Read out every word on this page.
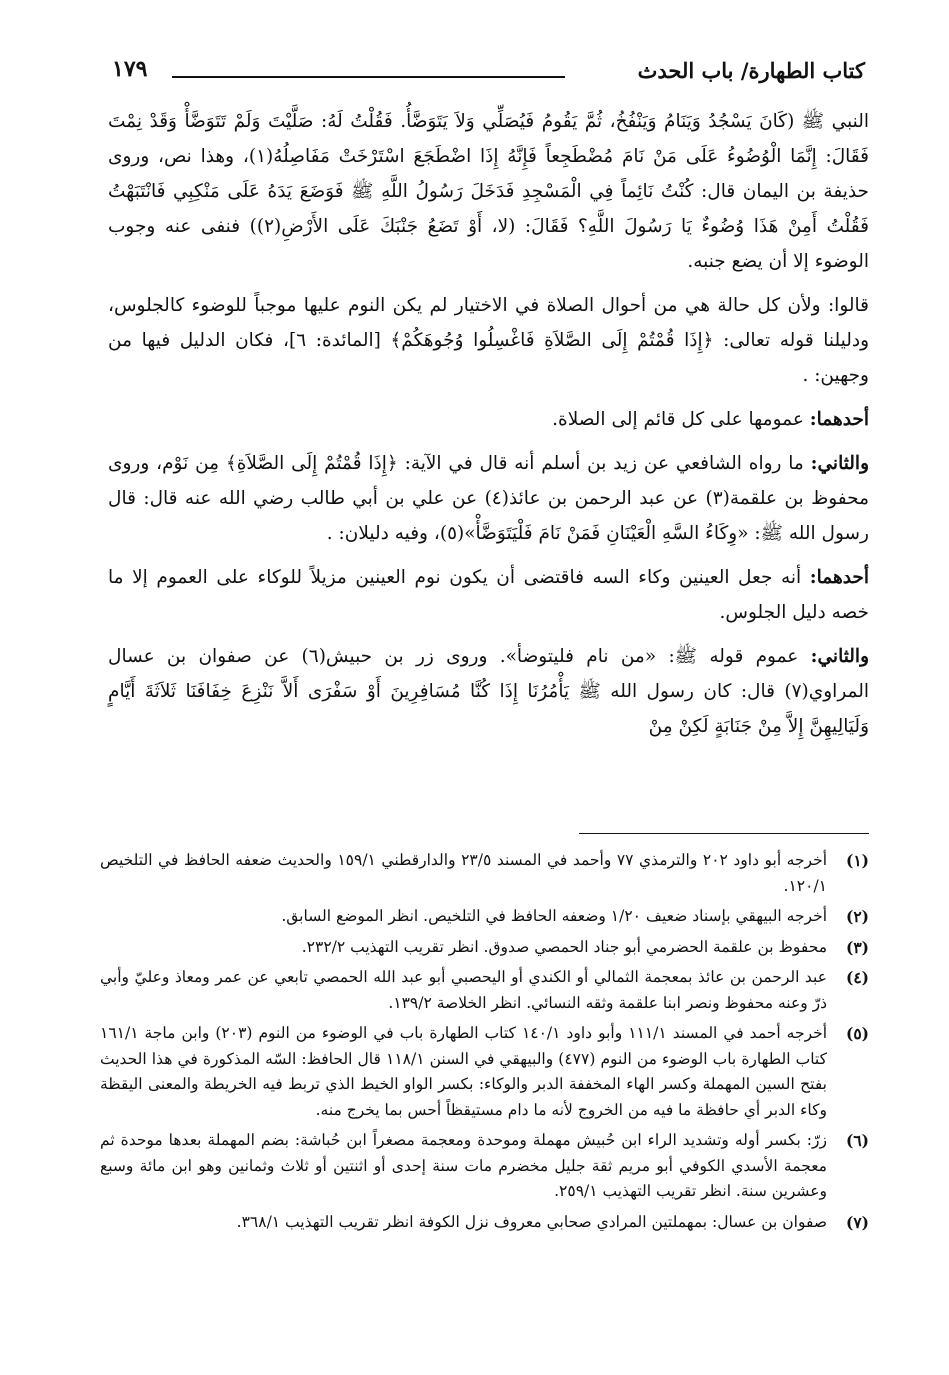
كتاب الطهارة/ باب الحدث
١٧٩

النبي ﷺ (كَانَ يَسْجُدُ وَيَنَامُ وَيَنْفُخُ، ثُمَّ يَقُومُ فَيُصَلِّي وَلاَ يَتَوَضَّأُ. فَقُلْتُ لَهُ: صَلَّيْتَ وَلَمْ تَتَوَضَّأْ وَقَدْ نِمْتَ فَقَالَ: إِنَّمَا الْوُضُوءُ عَلَى مَنْ نَامَ مُضْطَجِعاً فَإِنَّهُ إِذَا اضْطَجَعَ اسْتَرْخَتْ مَفَاصِلُهُ(١)، وهذا نص، وروى حذيفة بن اليمان قال: كُنْتُ نَائِماً فِي الْمَسْجِدِ فَدَخَلَ رَسُولُ اللَّهِ ﷺ فَوَضَعَ يَدَهُ عَلَى مَنْكِبِي فَانْتَبَهْتُ فَقُلْتُ أَمِنْ هَذَا وُضُوءٌ يَا رَسُولَ اللَّهِ؟ فَقَالَ: (لا، أَوْ تَضَعُ جَنْبَكَ عَلَى الأَرْضِ(٢)) فنفى عنه وجوب الوضوء إلا أن يضع جنبه.

قالوا: ولأن كل حالة هي من أحوال الصلاة في الاختيار لم يكن النوم عليها موجباً للوضوء كالجلوس، ودليلنا قوله تعالى: ﴿إِذَا قُمْتُمْ إِلَى الصَّلاَةِ فَاغْسِلُوا وُجُوهَكُمْ﴾ [المائدة: ٦]، فكان الدليل فيها من وجهين: .

أحدهما: عمومها على كل قائم إلى الصلاة.

والثاني: ما رواه الشافعي عن زيد بن أسلم أنه قال في الآية: ﴿إِذَا قُمْتُمْ إِلَى الصَّلاَةِ﴾ مِن نَوْم، وروى محفوظ بن علقمة(٣) عن عبد الرحمن بن عائذ(٤) عن علي بن أبي طالب رضي الله عنه قال: قال رسول الله ﷺ: «وِكَاءُ السَّهِ الْعَيْنَانِ فَمَنْ نَامَ فَلْيَتَوَضَّأْ»(٥)، وفيه دليلان: .

أحدهما: أنه جعل العينين وكاء السه فاقتضى أن يكون نوم العينين مزيلاً للوكاء على العموم إلا ما خصه دليل الجلوس.

والثاني: عموم قوله ﷺ: «من نام فليتوضأ». وروى زر بن حبيش(٦) عن صفوان بن عسال المراوي(٧) قال: كان رسول الله ﷺ يَأْمُرُنَا إِذَا كُنَّا مُسَافِرِينَ أَوْ سَفْرَى أَلاَّ نَنْزِعَ خِفَافَنَا ثَلاَثَةَ أَيَّامٍ وَلَيَالِيهِنَّ إِلاَّ مِنْ جَنَابَةٍ لَكِنْ مِنْ

(١)
أخرجه أبو داود ٢٠٢ والترمذي ٧٧ وأحمد في المسند ٢٣/٥ والدارقطني ١٥٩/١ والحديث ضعفه الحافظ في التلخيص ١٢٠/١.
(٢)
أخرجه البيهقي بإسناد ضعيف ١/٢٠ وضعفه الحافظ في التلخيص. انظر الموضع السابق.
(٣)
محفوظ بن علقمة الحضرمي أبو جناد الحمصي صدوق. انظر تقريب التهذيب ٢٣٢/٢.
(٤)
عبد الرحمن بن عائذ بمعجمة الثمالي أو الكندي أو اليحصبي أبو عبد الله الحمصي تابعي عن عمر ومعاذ وعليّ وأبي ذرّ وعنه محفوظ ونصر ابنا علقمة وثقه النسائي. انظر الخلاصة ١٣٩/٢.
(٥)
أخرجه أحمد في المسند ١١١/١ وأبو داود ١٤٠/١ كتاب الطهارة باب في الوضوء من النوم (٢٠٣) وابن ماجة ١٦١/١ كتاب الطهارة باب الوضوء من النوم (٤٧٧) والبيهقي في السنن ١١٨/١ قال الحافظ: السّه المذكورة في هذا الحديث بفتح السين المهملة وكسر الهاء المخففة الدبر والوكاء: بكسر الواو الخيط الذي تربط فيه الخريطة والمعنى اليقظة وكاء الدبر أي حافظة ما فيه من الخروج لأنه ما دام مستيقظاً أحس بما يخرج منه.
(٦)
زرّ: بكسر أوله وتشديد الراء ابن حُبيش مهملة وموحدة ومعجمة مصغراً ابن حُباشة: بضم المهملة بعدها موحدة ثم معجمة الأسدي الكوفي أبو مريم ثقة جليل مخضرم مات سنة إحدى أو اثنتين أو ثلاث وثمانين وهو ابن مائة وسبع وعشرين سنة. انظر تقريب التهذيب ٢٥٩/١.
(٧)
صفوان بن عسال: بمهملتين المرادي صحابي معروف نزل الكوفة انظر تقريب التهذيب ٣٦٨/١.
